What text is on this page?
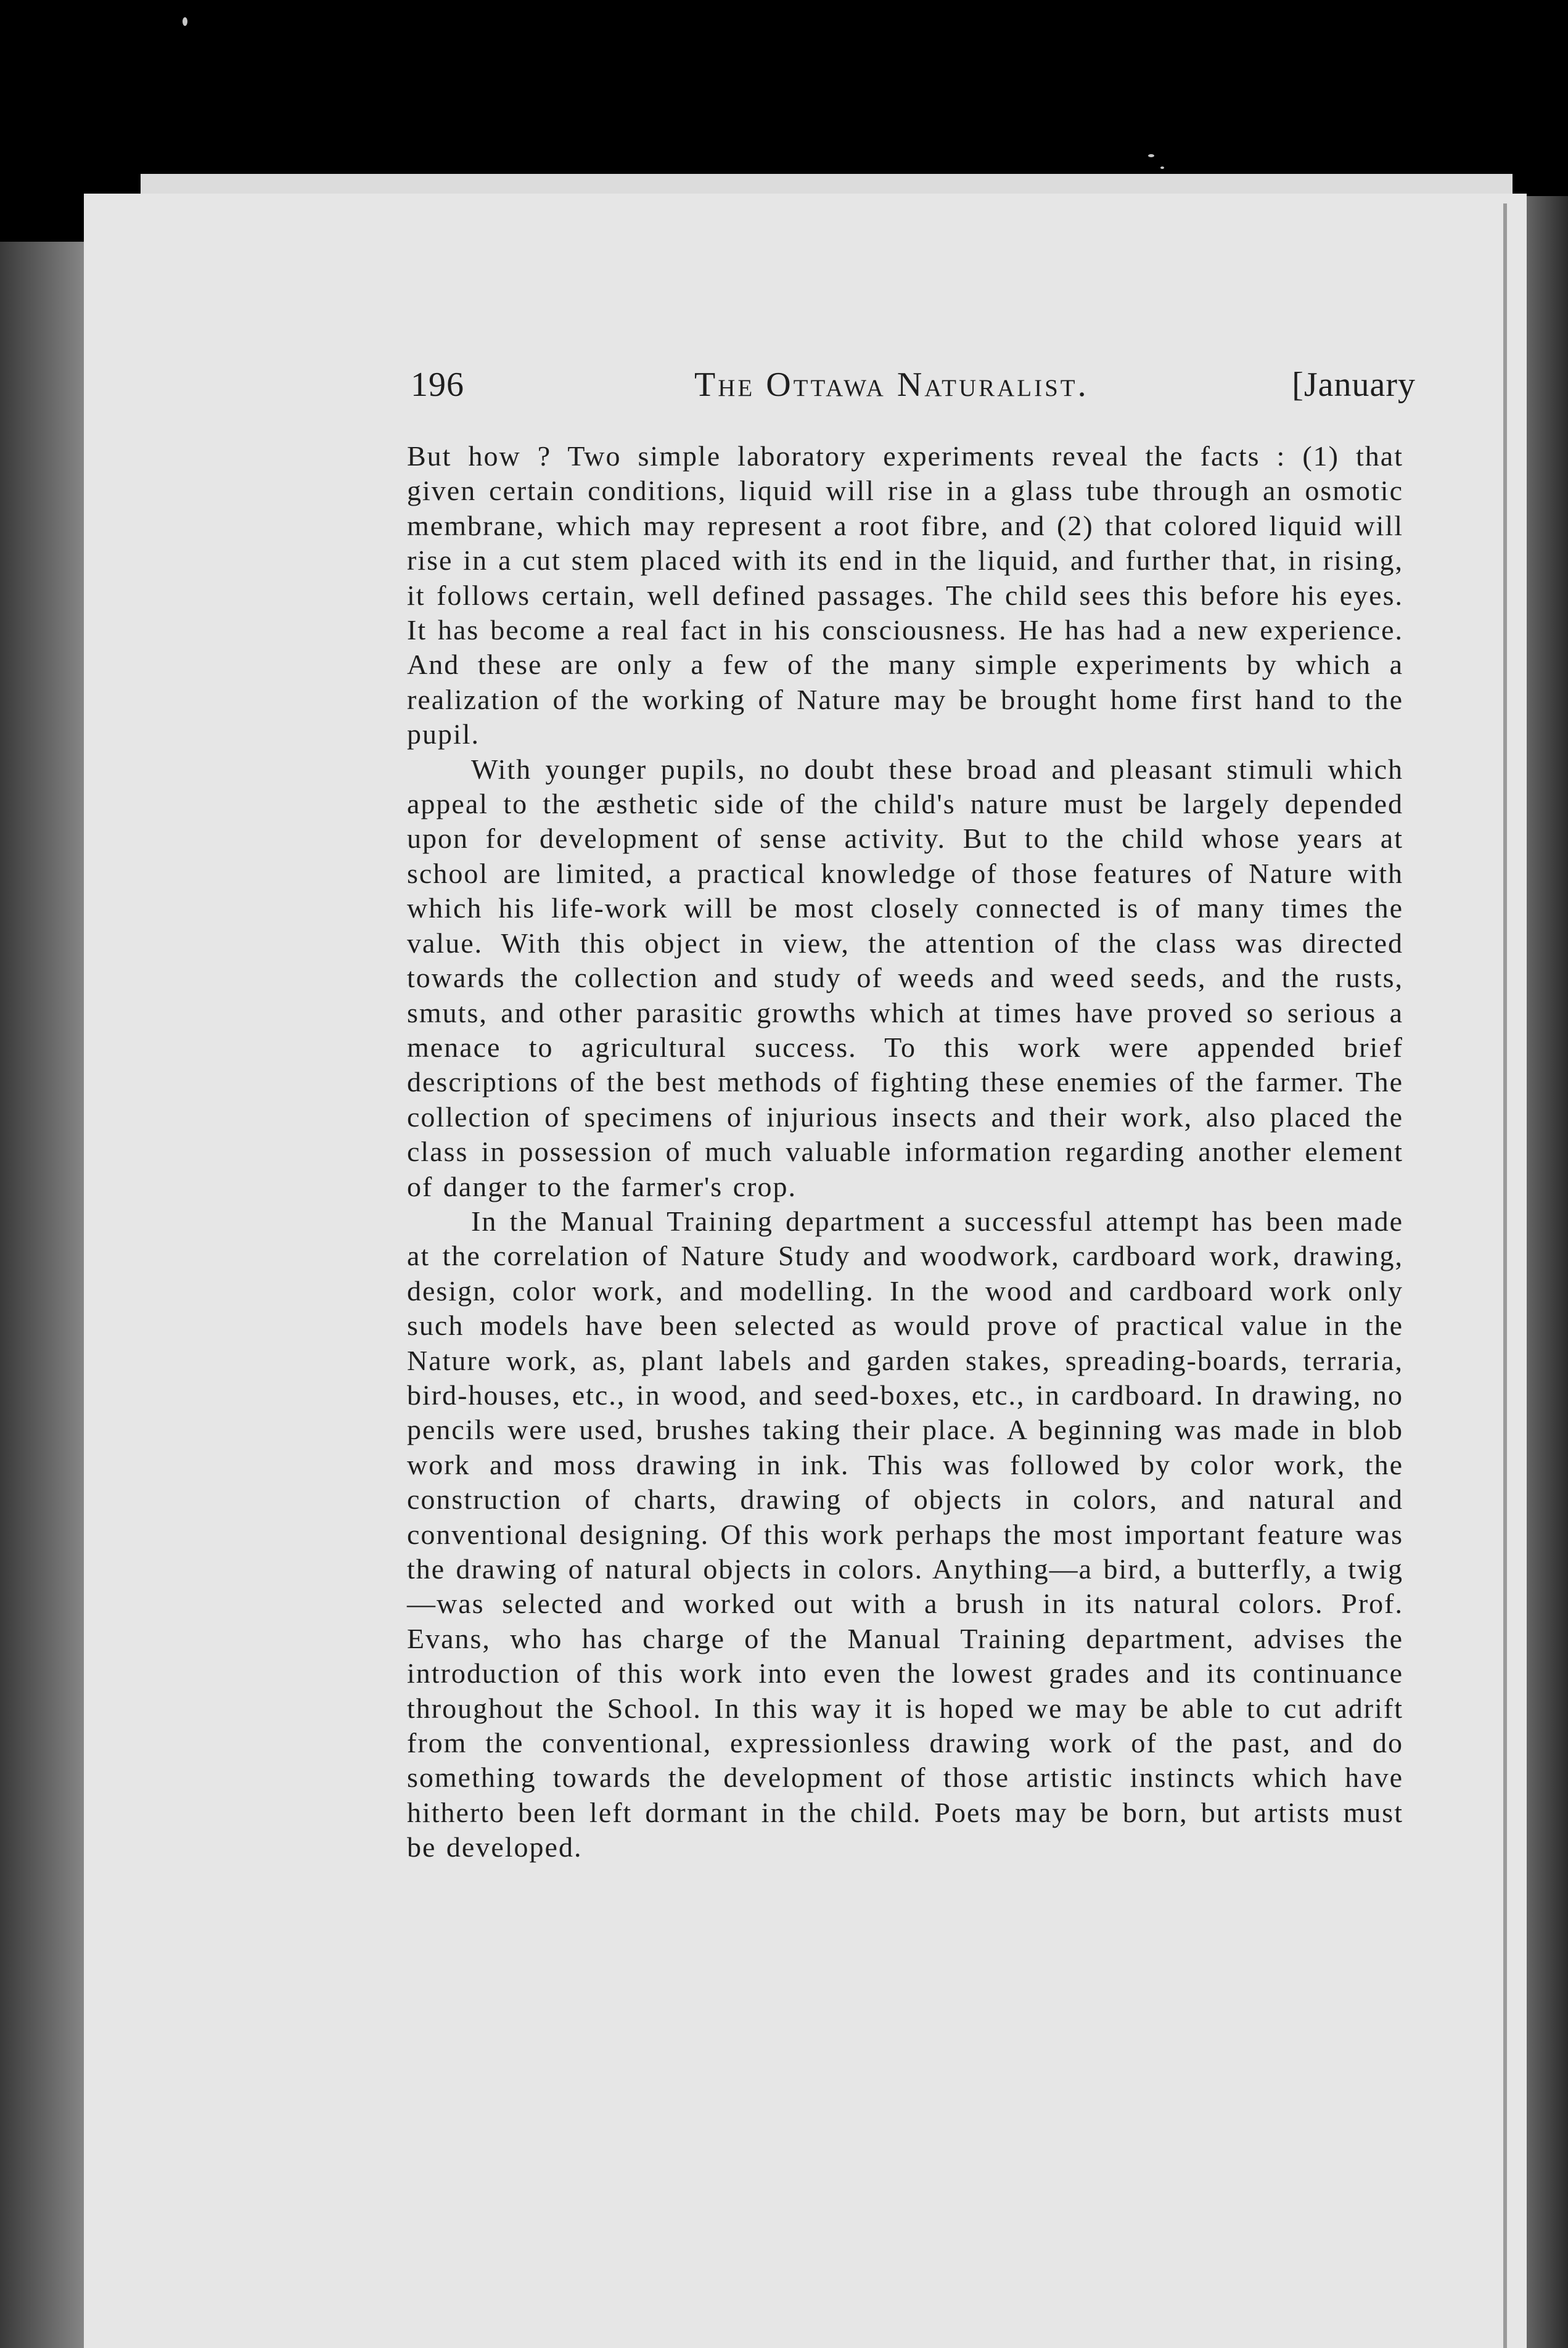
196	The Ottawa Naturalist.	[January

But how ? Two simple laboratory experiments reveal the facts : (1) that given certain conditions, liquid will rise in a glass tube through an osmotic membrane, which may represent a root fibre, and (2) that colored liquid will rise in a cut stem placed with its end in the liquid, and further that, in rising, it follows certain, well defined passages. The child sees this before his eyes. It has become a real fact in his consciousness. He has had a new experience. And these are only a few of the many simple experiments by which a realization of the working of Nature may be brought home first hand to the pupil.

With younger pupils, no doubt these broad and pleasant stimuli which appeal to the æsthetic side of the child's nature must be largely depended upon for development of sense activity. But to the child whose years at school are limited, a practical knowledge of those features of Nature with which his life-work will be most closely connected is of many times the value. With this object in view, the attention of the class was directed towards the collection and study of weeds and weed seeds, and the rusts, smuts, and other parasitic growths which at times have proved so serious a menace to agricultural success. To this work were appended brief descriptions of the best methods of fighting these enemies of the farmer. The collection of specimens of injurious insects and their work, also placed the class in possession of much valuable information regarding another element of danger to the farmer's crop.

In the Manual Training department a successful attempt has been made at the correlation of Nature Study and woodwork, cardboard work, drawing, design, color work, and modelling. In the wood and cardboard work only such models have been selected as would prove of practical value in the Nature work, as, plant labels and garden stakes, spreading-boards, terraria, bird-houses, etc., in wood, and seed-boxes, etc., in cardboard. In drawing, no pencils were used, brushes taking their place. A beginning was made in blob work and moss drawing in ink. This was followed by color work, the construction of charts, drawing of objects in colors, and natural and conventional designing. Of this work perhaps the most important feature was the drawing of natural objects in colors. Anything—a bird, a butterfly, a twig—was selected and worked out with a brush in its natural colors. Prof. Evans, who has charge of the Manual Training department, advises the introduction of this work into even the lowest grades and its continuance throughout the School. In this way it is hoped we may be able to cut adrift from the conventional, expressionless drawing work of the past, and do something towards the development of those artistic instincts which have hitherto been left dormant in the child. Poets may be born, but artists must be developed.
